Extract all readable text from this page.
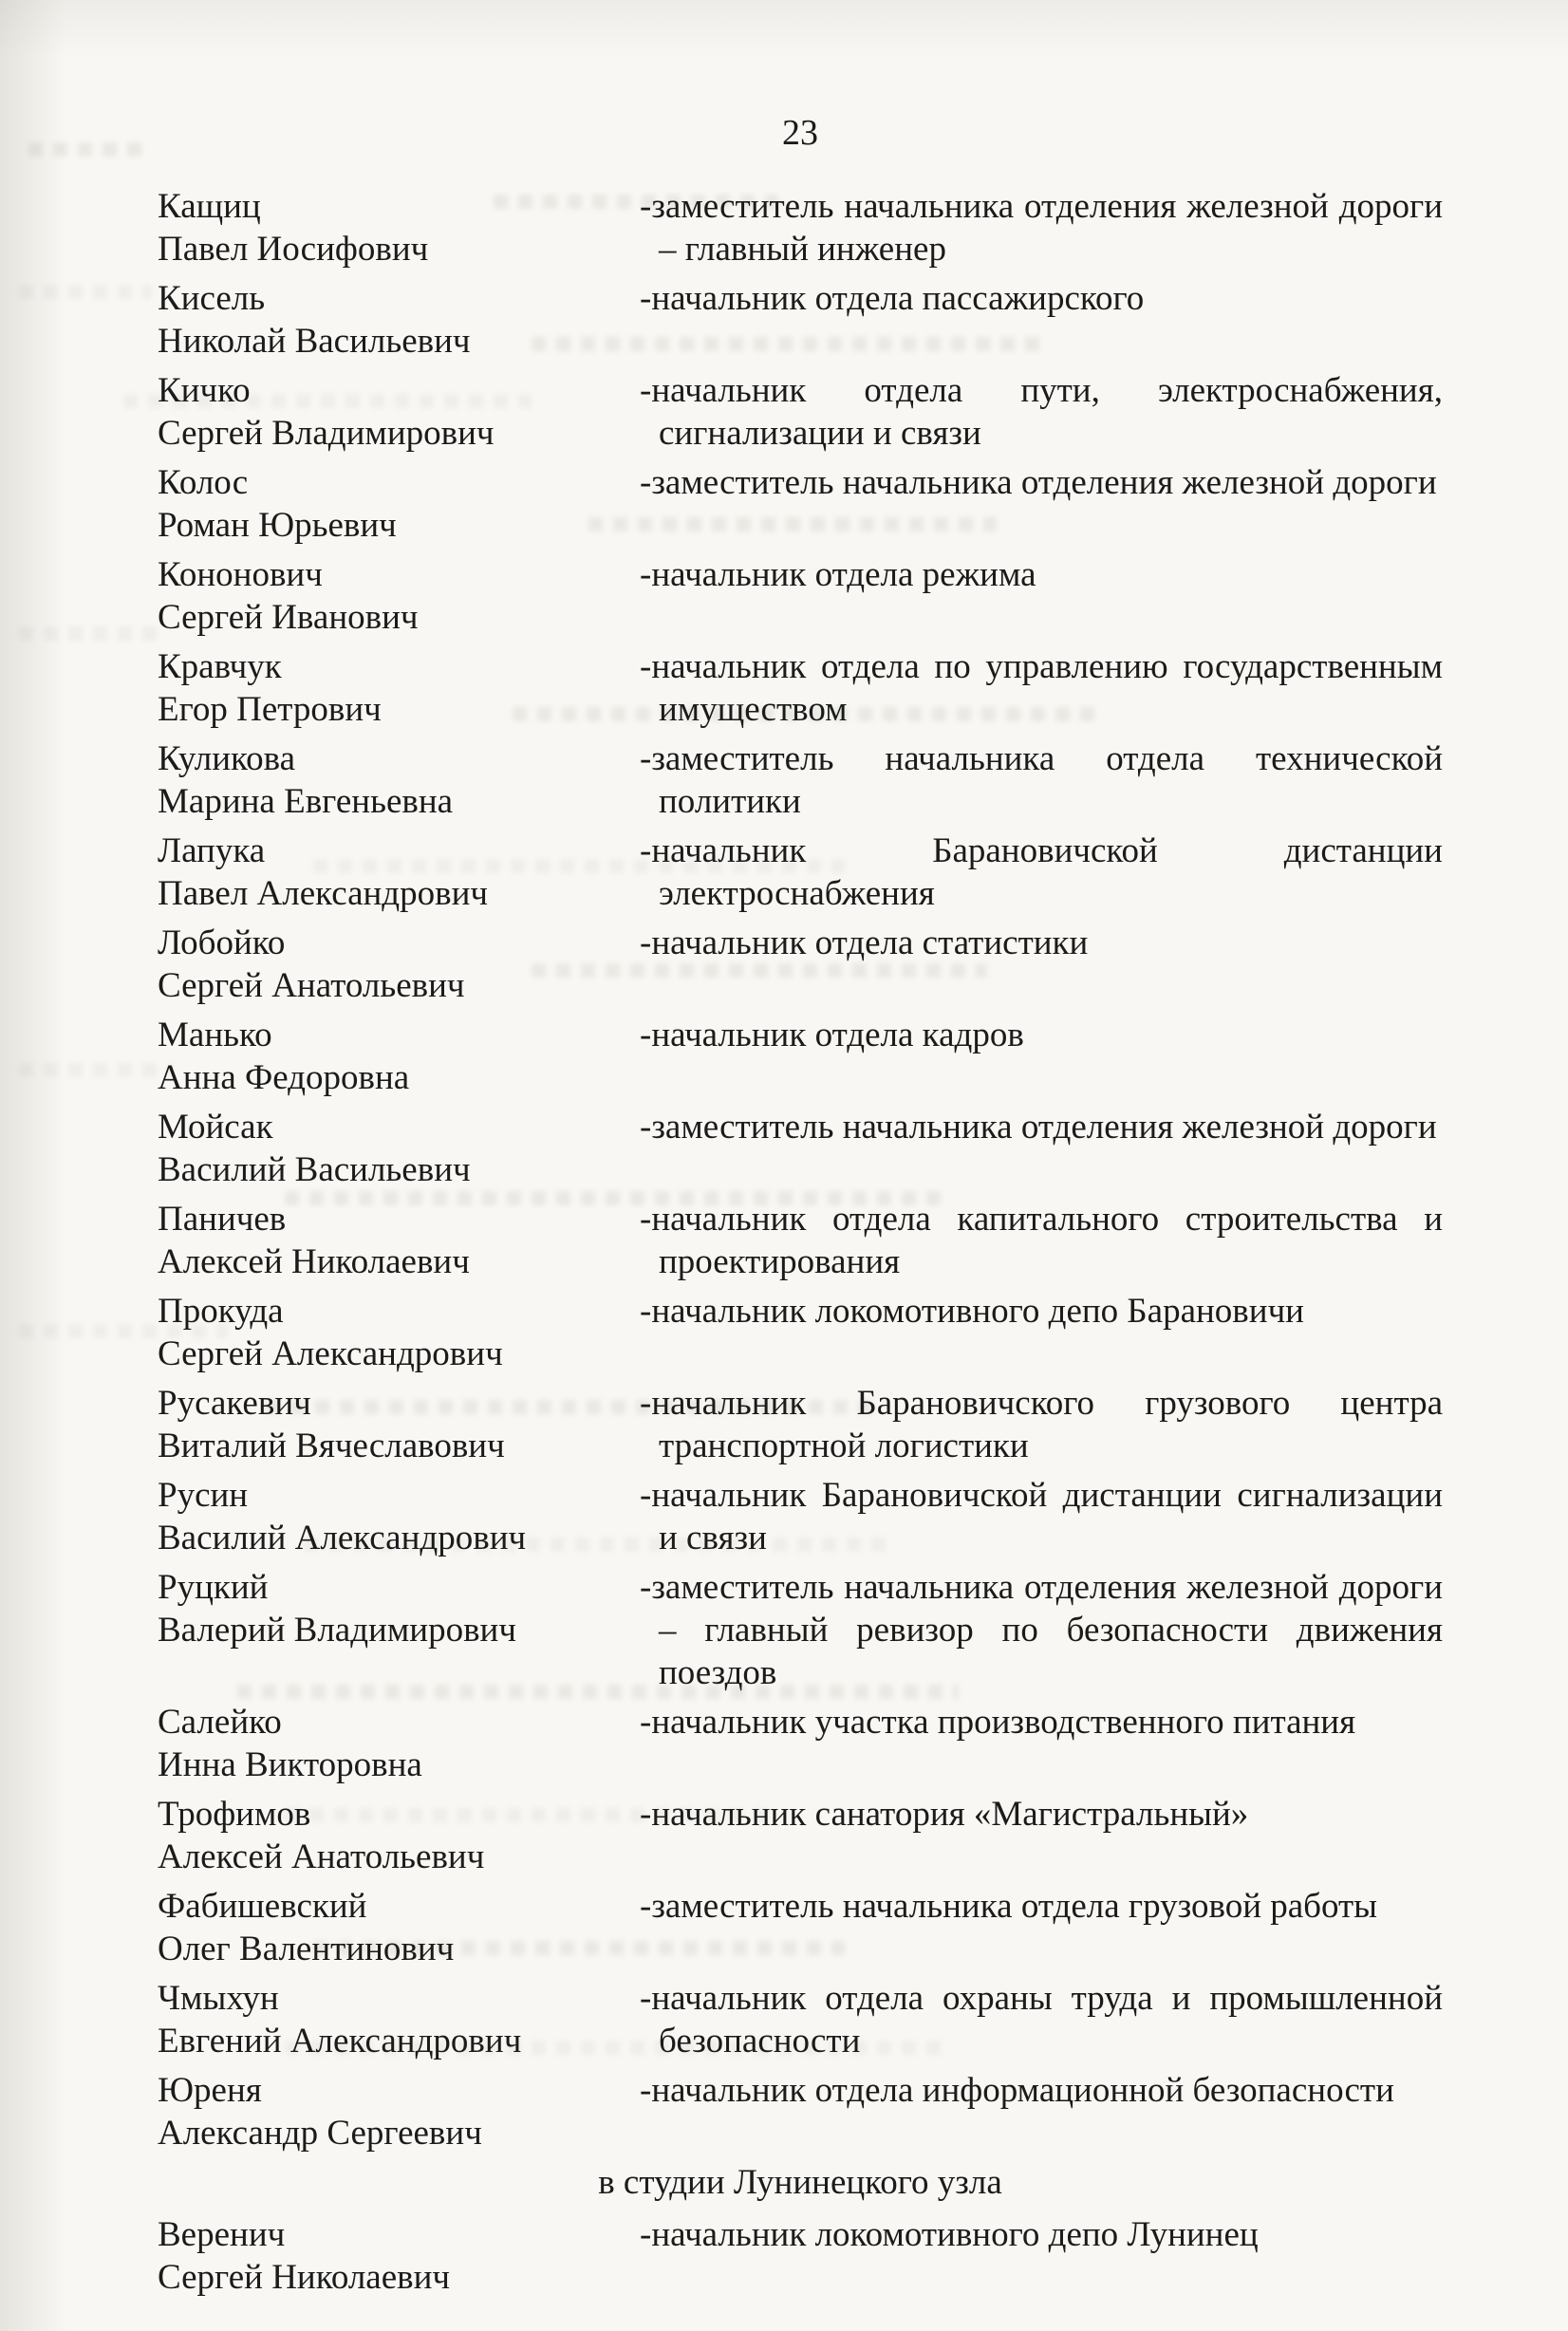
23
Кащиц
Павел Иосифович
-заместитель начальника отделения железной дороги – главный инженер
Кисель
Николай Васильевич
-начальник отдела пассажирского
Кичко
Сергей Владимирович
-начальник отдела пути, электроснабжения, сигнализации и связи
Колос
Роман Юрьевич
-заместитель начальника отделения железной дороги
Кононович
Сергей Иванович
-начальник отдела режима
Кравчук
Егор Петрович
-начальник отдела по управлению государственным имуществом
Куликова
Марина Евгеньевна
-заместитель начальника отдела технической политики
Лапука
Павел Александрович
-начальник Барановичской дистанции электроснабжения
Лобойко
Сергей Анатольевич
-начальник отдела статистики
Манько
Анна Федоровна
-начальник отдела кадров
Мойсак
Василий Васильевич
-заместитель начальника отделения железной дороги
Паничев
Алексей Николаевич
-начальник отдела капитального строительства и проектирования
Прокуда
Сергей Александрович
-начальник локомотивного депо Барановичи
Русакевич
Виталий Вячеславович
-начальник Барановичского грузового центра транспортной логистики
Русин
Василий Александрович
-начальник Барановичской дистанции сигнализации и связи
Руцкий
Валерий Владимирович
-заместитель начальника отделения железной дороги – главный ревизор по безопасности движения поездов
Салейко
Инна Викторовна
-начальник участка производственного питания
Трофимов
Алексей Анатольевич
-начальник санатория «Магистральный»
Фабишевский
Олег Валентинович
-заместитель начальника отдела грузовой работы
Чмыхун
Евгений Александрович
-начальник отдела охраны труда и промышленной безопасности
Юреня
Александр Сергеевич
-начальник отдела информационной безопасности
в студии Лунинецкого узла
Веренич
Сергей Николаевич
-начальник локомотивного депо Лунинец
